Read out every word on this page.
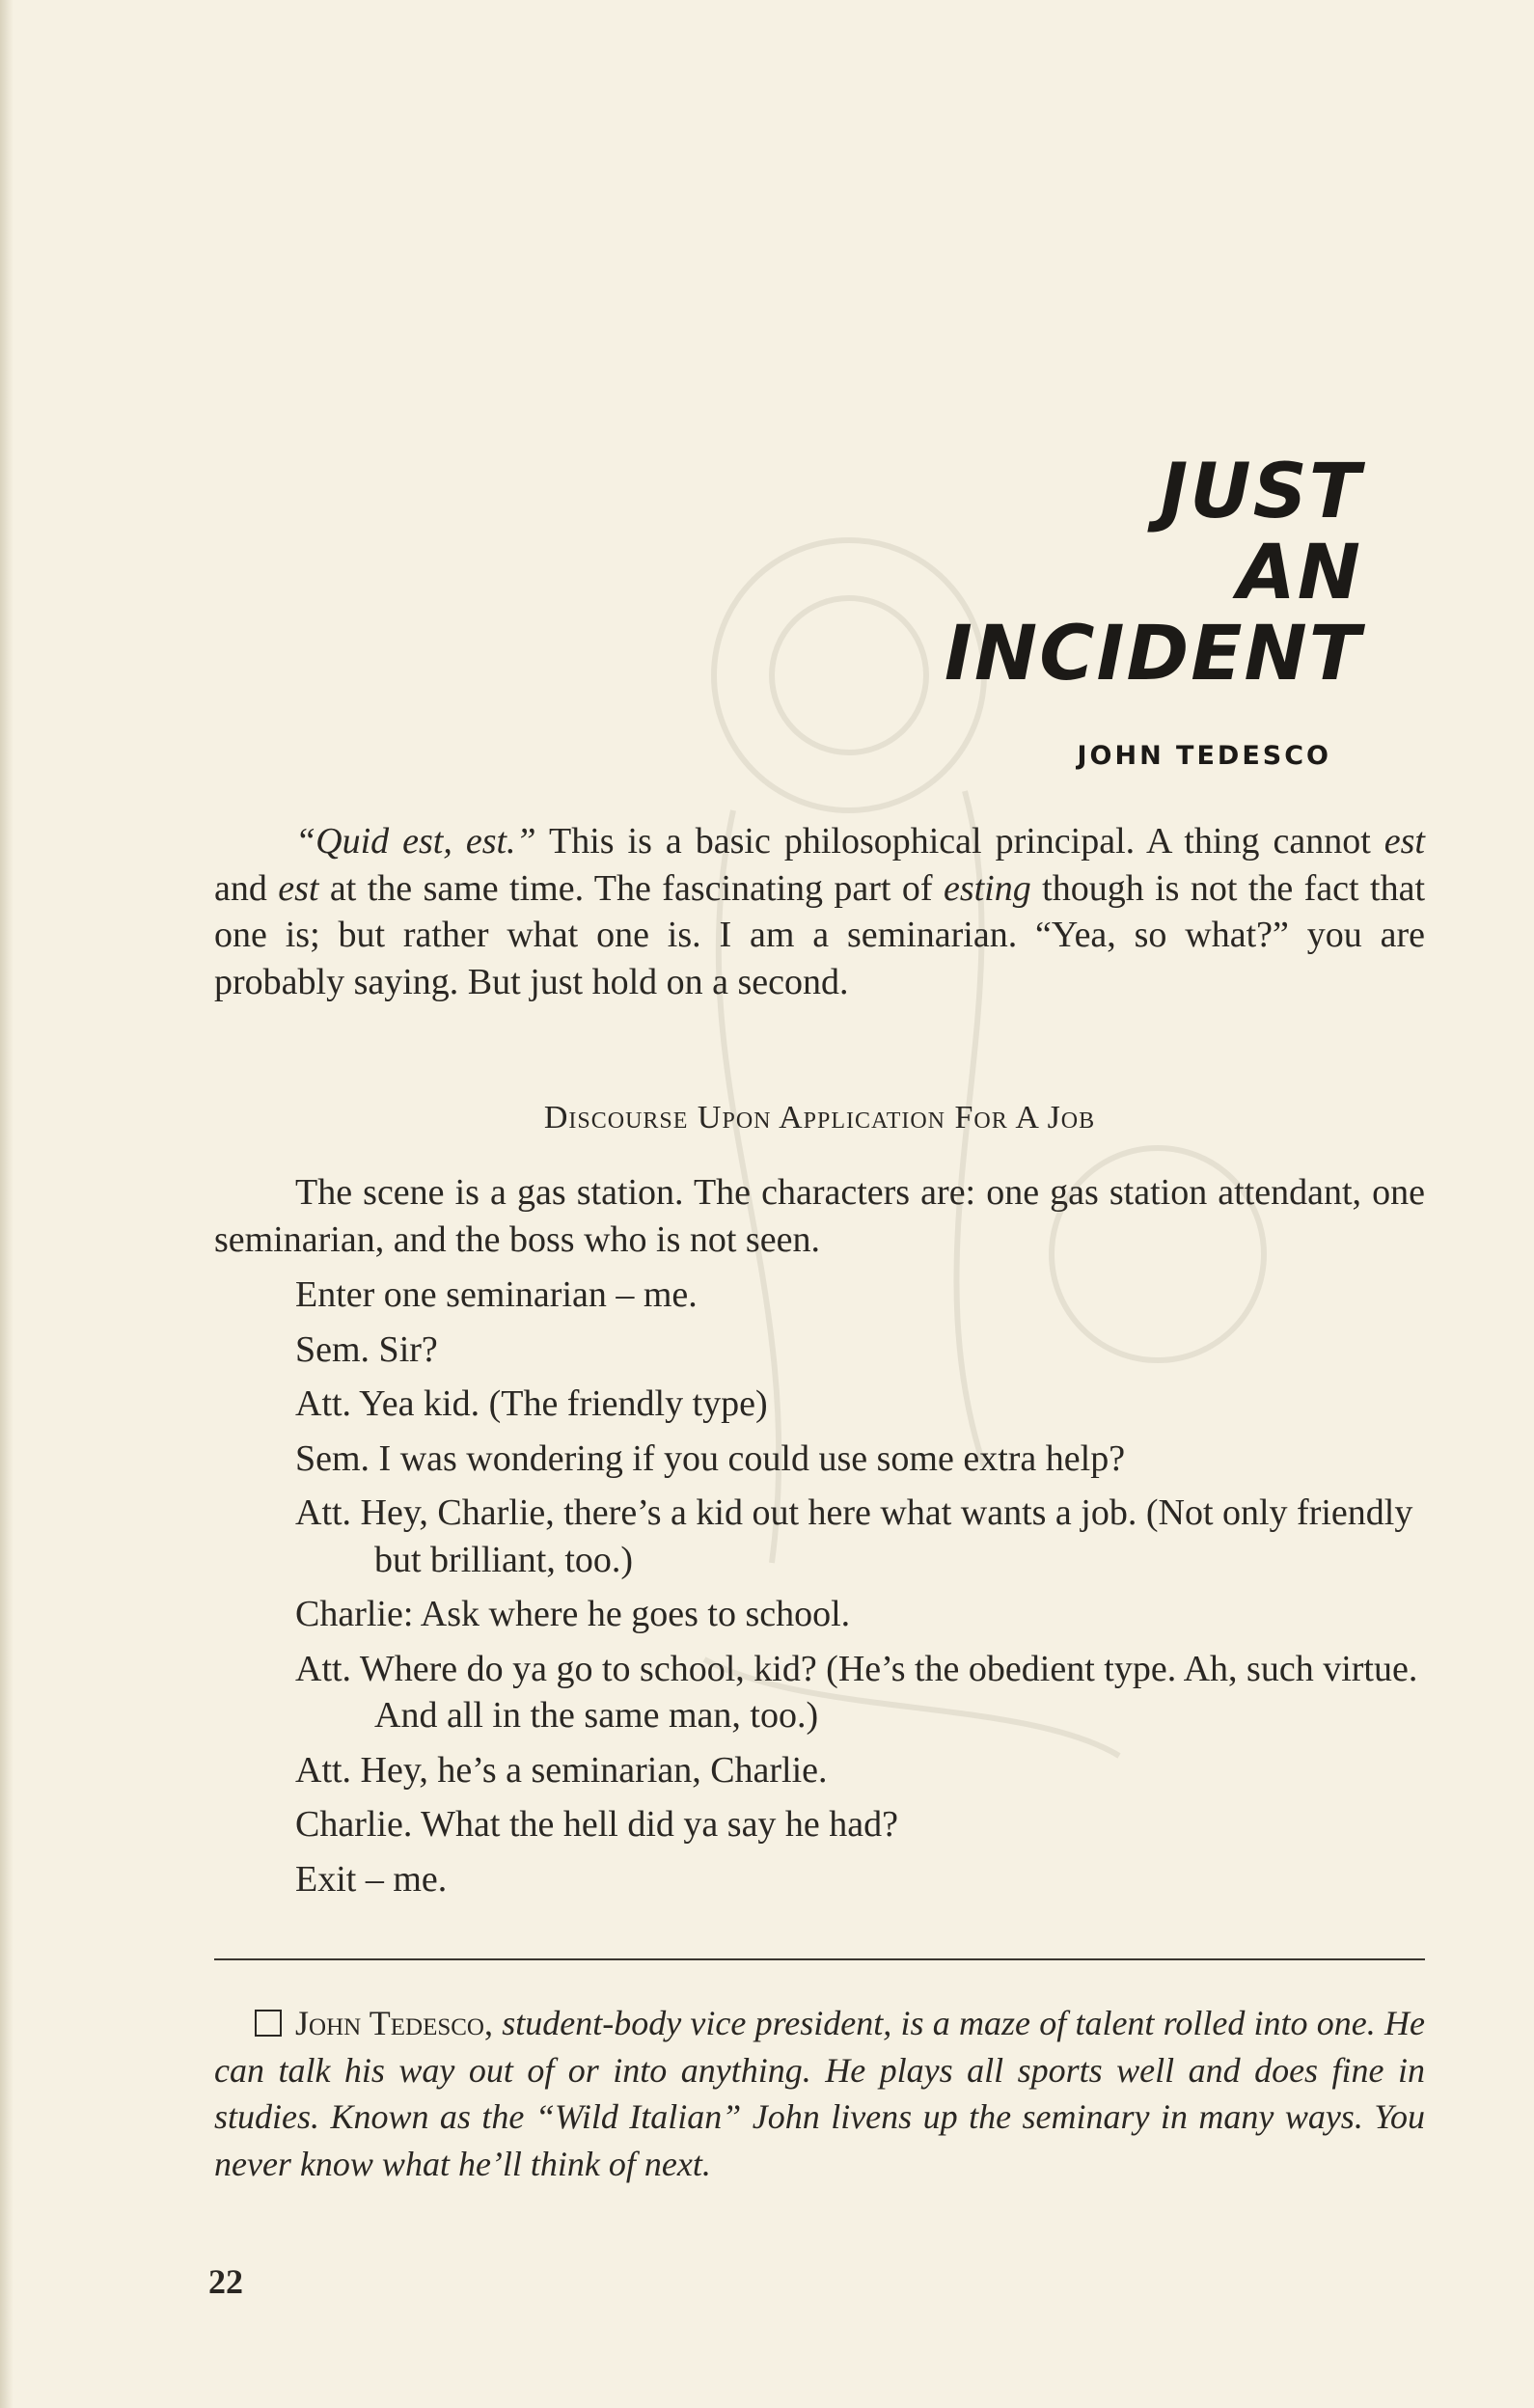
JUST
AN
INCIDENT
JOHN TEDESCO

“Quid est, est.” This is a basic philosophical principal. A thing cannot est and est at the same time. The fascinating part of esting though is not the fact that one is; but rather what one is. I am a seminarian. “Yea, so what?” you are probably saying. But just hold on a second.

Discourse Upon Application For A Job

The scene is a gas station. The characters are: one gas station attendant, one seminarian, and the boss who is not seen.

Enter one seminarian – me.

Sem. Sir?

Att. Yea kid. (The friendly type)

Sem. I was wondering if you could use some extra help?

Att. Hey, Charlie, there’s a kid out here what wants a job. (Not only friendly but brilliant, too.)

Charlie: Ask where he goes to school.

Att. Where do ya go to school, kid? (He’s the obedient type. Ah, such virtue. And all in the same man, too.)

Att. Hey, he’s a seminarian, Charlie.

Charlie. What the hell did ya say he had?

Exit – me.

John Tedesco, student-body vice president, is a maze of talent rolled into one. He can talk his way out of or into anything. He plays all sports well and does fine in studies. Known as the “Wild Italian” John livens up the seminary in many ways. You never know what he’ll think of next.
22
